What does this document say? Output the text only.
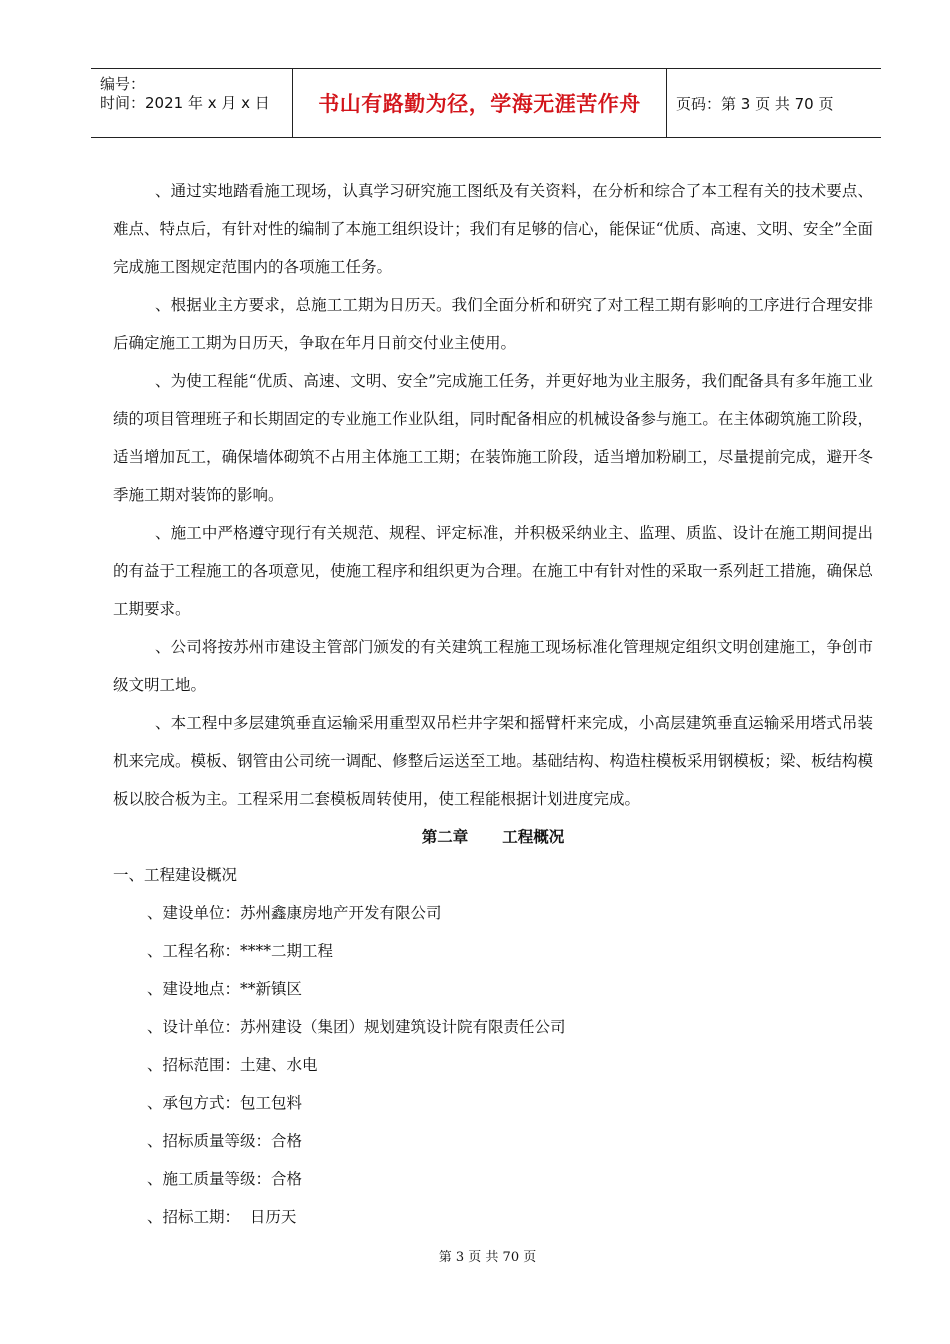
编号：
时间：2021 年 x 月 x 日	书山有路勤为径，学海无涯苦作舟	页码：第 3 页 共 70 页

、通过实地踏看施工现场，认真学习研究施工图纸及有关资料，在分析和综合了本工程有关的技术要点、难点、特点后，有针对性的编制了本施工组织设计；我们有足够的信心，能保证“优质、高速、文明、安全”全面完成施工图规定范围内的各项施工任务。

、根据业主方要求，总施工工期为日历天。我们全面分析和研究了对工程工期有影响的工序进行合理安排后确定施工工期为日历天，争取在年月日前交付业主使用。

、为使工程能“优质、高速、文明、安全”完成施工任务，并更好地为业主服务，我们配备具有多年施工业绩的项目管理班子和长期固定的专业施工作业队组，同时配备相应的机械设备参与施工。在主体砌筑施工阶段，适当增加瓦工，确保墙体砌筑不占用主体施工工期；在装饰施工阶段，适当增加粉刷工，尽量提前完成，避开冬季施工期对装饰的影响。

、施工中严格遵守现行有关规范、规程、评定标准，并积极采纳业主、监理、质监、设计在施工期间提出的有益于工程施工的各项意见，使施工程序和组织更为合理。在施工中有针对性的采取一系列赶工措施，确保总工期要求。

、公司将按苏州市建设主管部门颁发的有关建筑工程施工现场标准化管理规定组织文明创建施工，争创市级文明工地。

、本工程中多层建筑垂直运输采用重型双吊栏井字架和摇臂杆来完成，小高层建筑垂直运输采用塔式吊装机来完成。模板、钢管由公司统一调配、修整后运送至工地。基础结构、构造柱模板采用钢模板；梁、板结构模板以胶合板为主。工程采用二套模板周转使用，使工程能根据计划进度完成。

第二章 工程概况

一、工程建设概况

、建设单位：苏州鑫康房地产开发有限公司

、工程名称：****二期工程

、建设地点：**新镇区

、设计单位：苏州建设（集团）规划建筑设计院有限责任公司

、招标范围：土建、水电

、承包方式：包工包料

、招标质量等级：合格

、施工质量等级：合格

、招标工期：  日历天

第 3 页 共 70 页
